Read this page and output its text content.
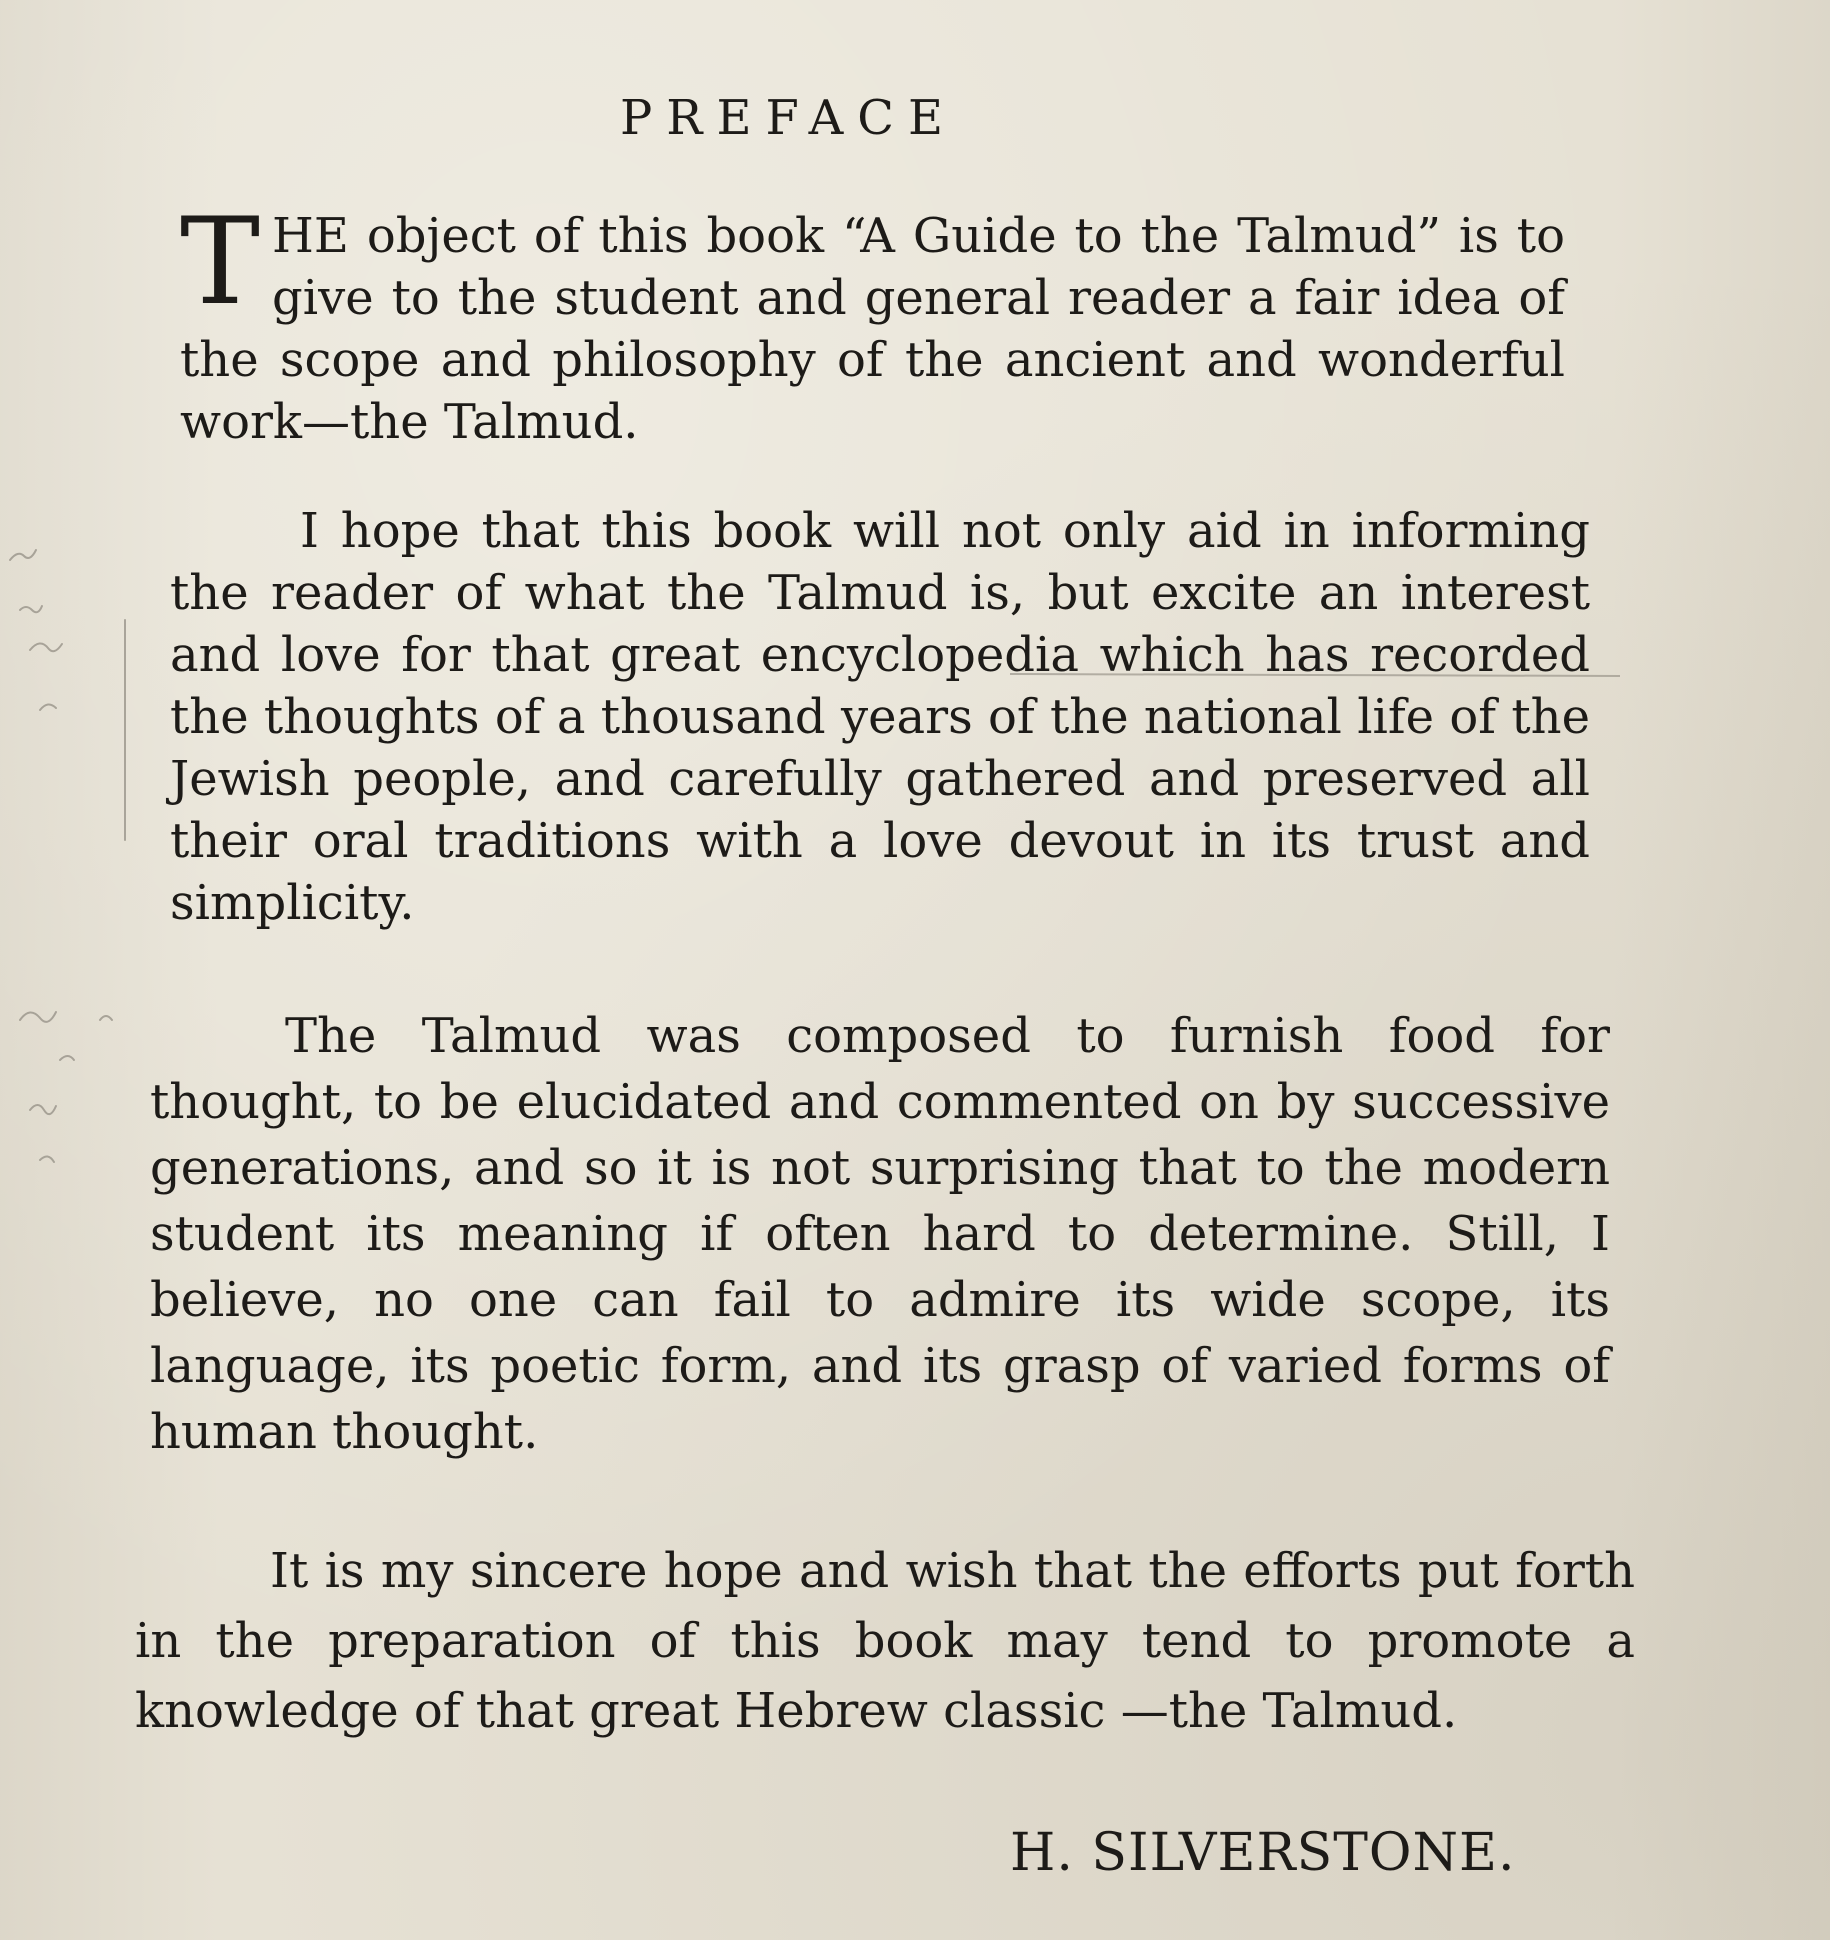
PREFACE

THE object of this book “A Guide to the Talmud” is to give to the student and general reader a fair idea of the scope and philosophy of the ancient and wonderful work—the Talmud.

I hope that this book will not only aid in informing the reader of what the Talmud is, but excite an interest and love for that great encyclopedia which has recorded the thoughts of a thousand years of the national life of the Jewish people, and carefully gathered and preserved all their oral traditions with a love devout in its trust and simplicity.

The Talmud was composed to furnish food for thought, to be elucidated and commented on by successive generations, and so it is not surprising that to the modern student its meaning if often hard to determine. Still, I believe, no one can fail to admire its wide scope, its language, its poetic form, and its grasp of varied forms of human thought.

It is my sincere hope and wish that the efforts put forth in the preparation of this book may tend to promote a knowledge of that great Hebrew classic —the Talmud.

H. SILVERSTONE.
